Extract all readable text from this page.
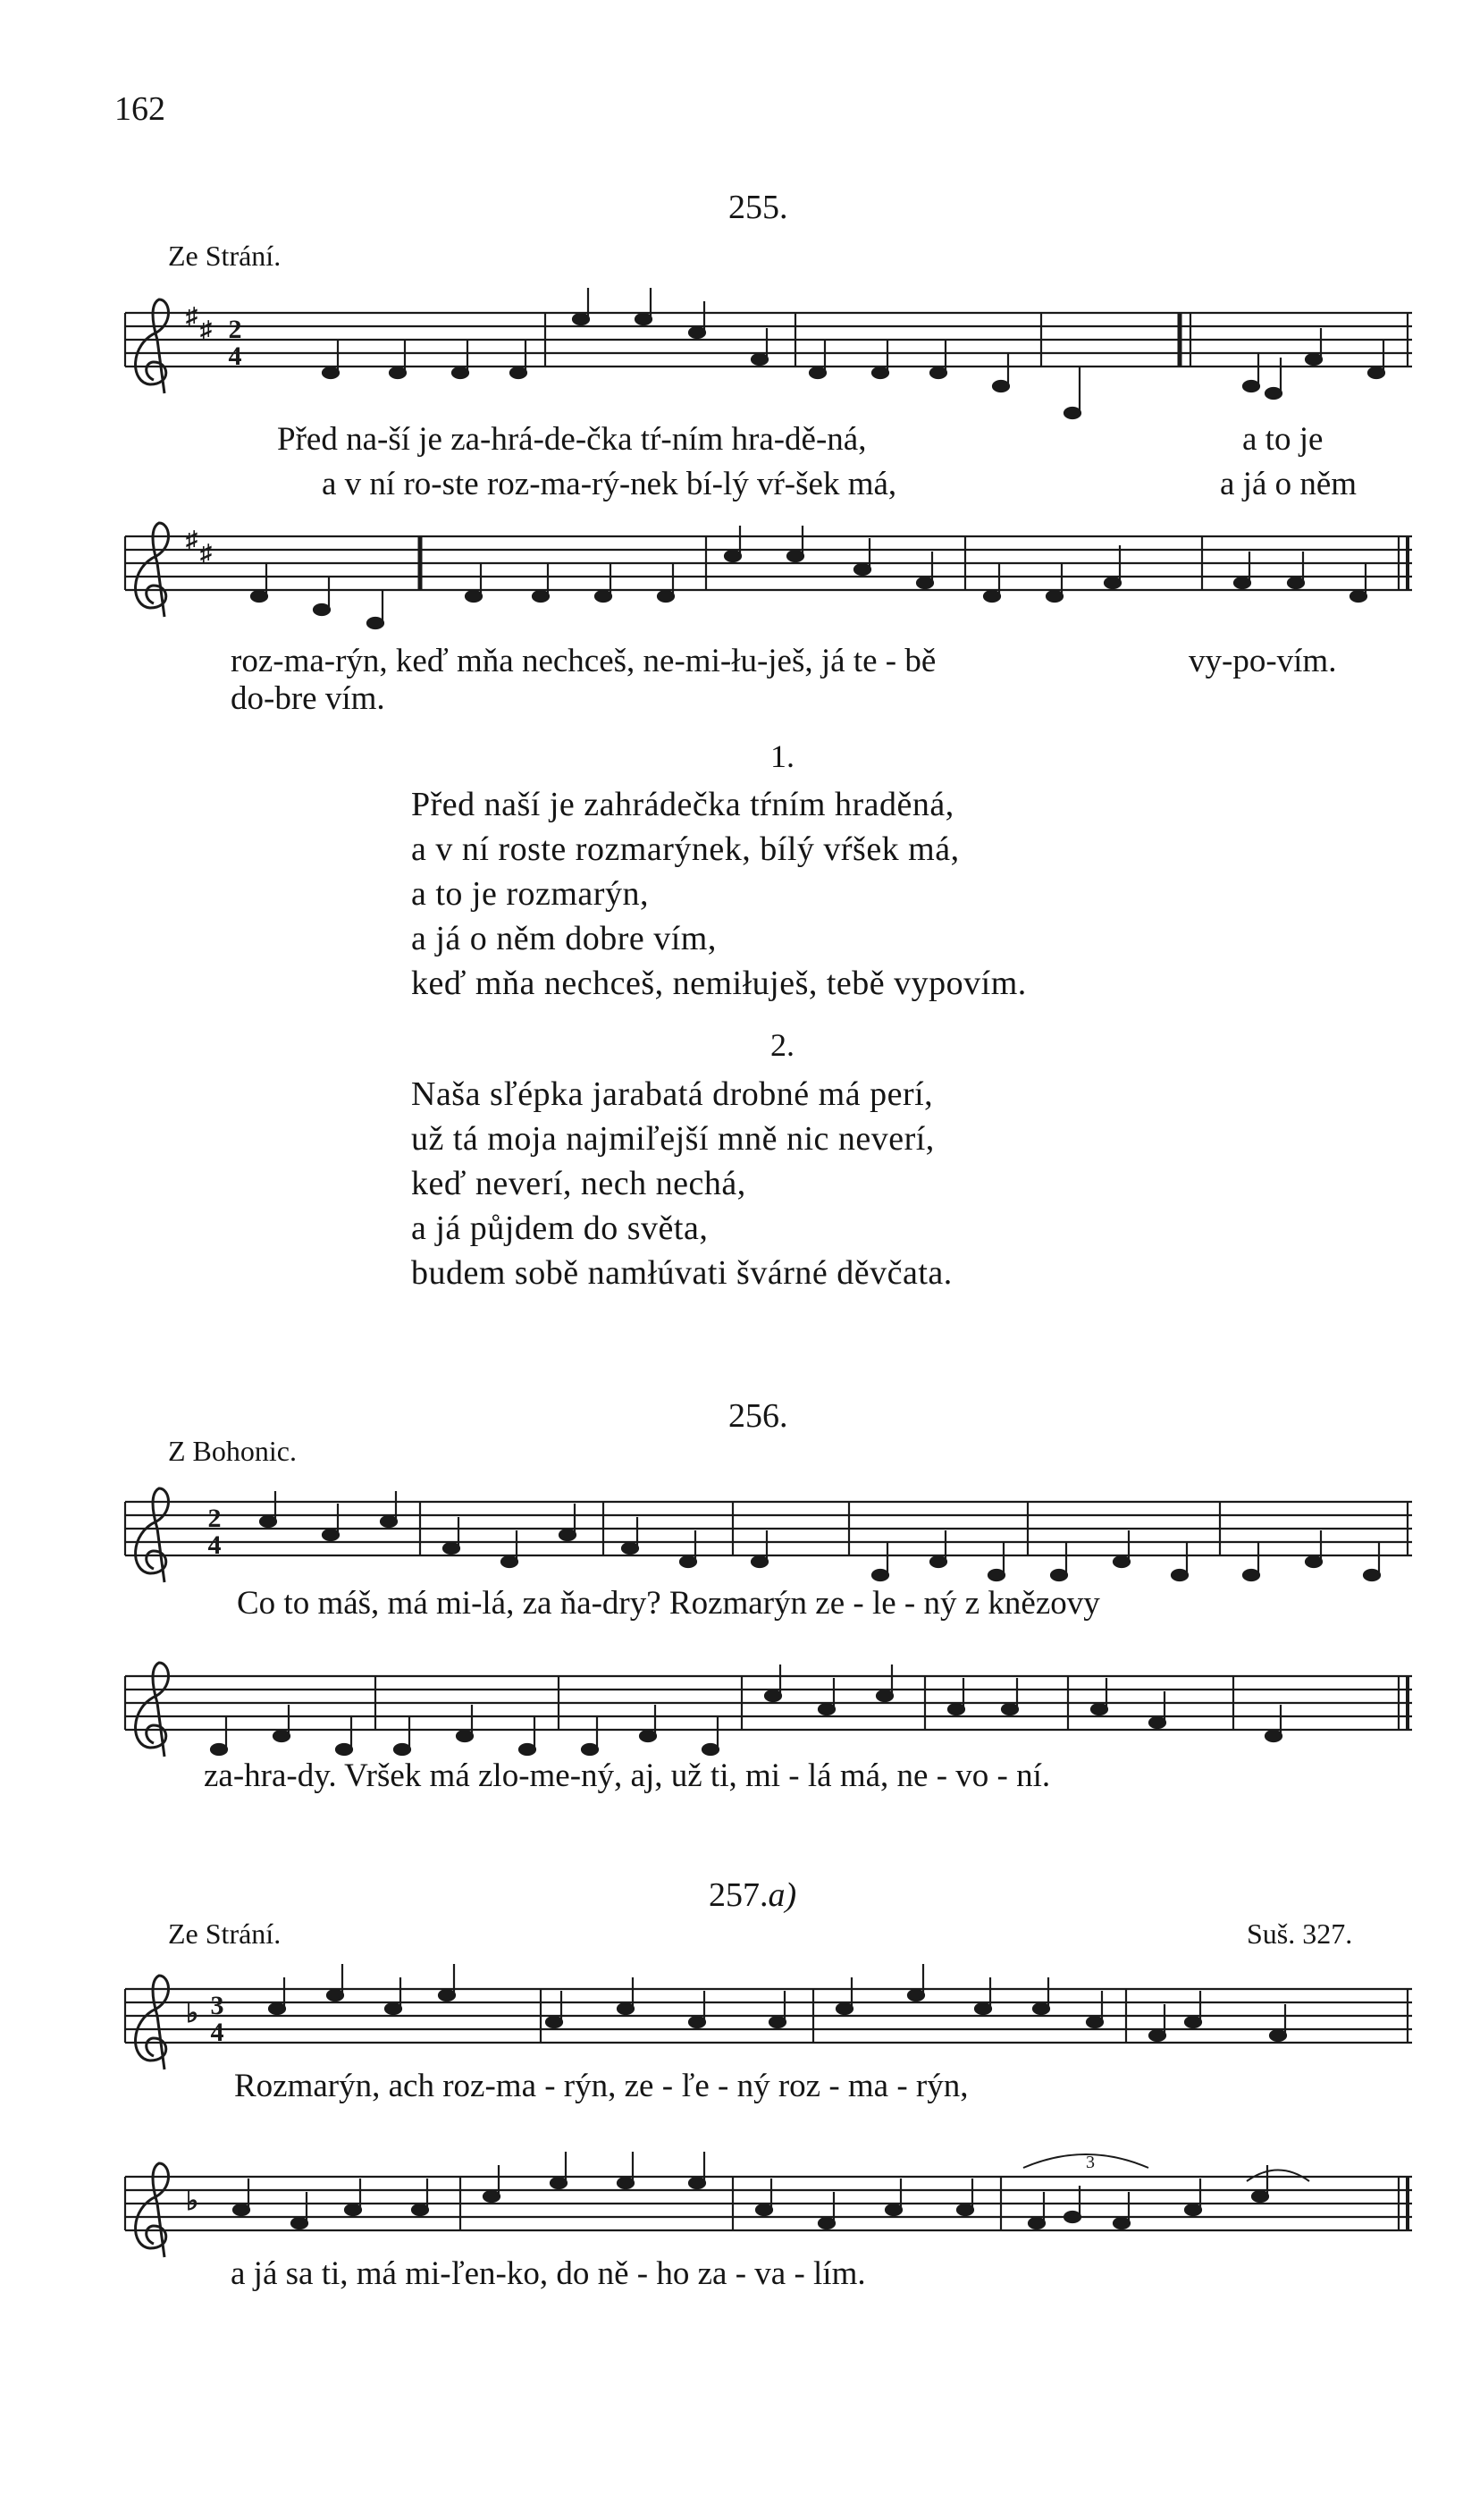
162
255.
Ze Strání.
♯
♯
♯
♯
♭
♭
2
4
2
4
3
4
3
Před na-ší je za-hrá-de-čka tŕ-ním hra-dě-ná,	a to je
a v ní ro-ste roz-ma-rý-nek bí-lý vŕ-šek má,	a já o něm
roz-ma-rýn, keď mňa nechceš, ne-mi-łu-ješ, já te - bě	vy-po-vím.
do-bre vím.
1.
Před naší je zahrádečka tŕním hraděná,
a v ní roste rozmarýnek, bílý vŕšek má,
a to je rozmarýn,
a já o něm dobre vím,
keď mňa nechceš, nemiłuješ, tebě vypovím.
2.
Naša sľépka jarabatá drobné má perí,
už tá moja najmiľejší mně nic neverí,
keď neverí, nech nechá,
a já půjdem do světa,
budem sobě namłúvati švárné děvčata.
256.
Z Bohonic.
Co to máš, má mi-lá, za ňa-dry? Rozmarýn ze - le - ný z knězovy
za-hra-dy. Vršek má zlo-me-ný, aj, už ti, mi - lá má, ne - vo - ní.
257.a)
Ze Strání.	Suš. 327.
Rozmarýn, ach roz-ma - rýn, ze - ľe - ný roz - ma - rýn,
a já sa ti, má mi-ľen-ko, do ně - ho za - va - lím.
